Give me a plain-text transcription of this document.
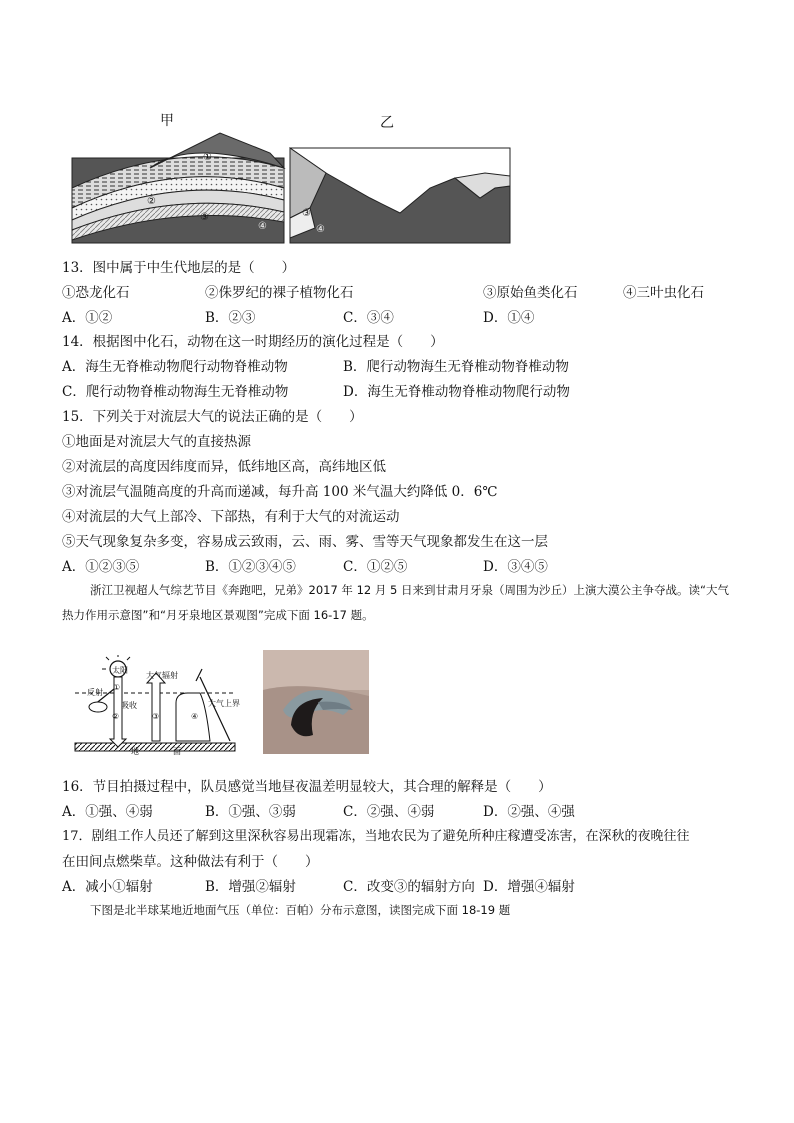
甲	乙
①
②
③
④
③
④
13．图中属于中生代地层的是（　　）
①恐龙化石	②侏罗纪的裸子植物化石	③原始鱼类化石	④三叶虫化石
A．①②	B．②③	C．③④	D．①④
14．根据图中化石，动物在这一时期经历的演化过程是（　　）
A．海生无脊椎动物爬行动物脊椎动物	B．爬行动物海生无脊椎动物脊椎动物
C．爬行动物脊椎动物海生无脊椎动物	D．海生无脊椎动物脊椎动物爬行动物
15．下列关于对流层大气的说法正确的是（　　）
①地面是对流层大气的直接热源
②对流层的高度因纬度而异，低纬地区高，高纬地区低
③对流层气温随高度的升高而递减，每升高 100 米气温大约降低 0．6℃
④对流层的大气上部冷、下部热，有利于大气的对流运动
⑤天气现象复杂多变，容易成云致雨，云、雨、雾、雪等天气现象都发生在这一层
A．①②③⑤	B．①②③④⑤	C．①②⑤	D．③④⑤
浙江卫视超人气综艺节目《奔跑吧，兄弟》2017 年 12 月 5 日来到甘肃月牙泉（周围为沙丘）上演大漠公主争夺战。读“大气热力作用示意图”和“月牙泉地区景观图”完成下面 16-17 题。
太阳
反射
①
吸收
②
大气辐射
③	④
大气上界
地	面
16．节目拍摄过程中，队员感觉当地昼夜温差明显较大，其合理的解释是（　　）
A．①强、④弱	B．①强、③弱	C．②强、④弱	D．②强、④强
17．剧组工作人员还了解到这里深秋容易出现霜冻，当地农民为了避免所种庄稼遭受冻害，在深秋的夜晚往往
在田间点燃柴草。这种做法有利于（　　）
A．减小①辐射	B．增强②辐射	C．改变③的辐射方向 D．增强④辐射
下图是北半球某地近地面气压（单位：百帕）分布示意图，读图完成下面 18-19 题
